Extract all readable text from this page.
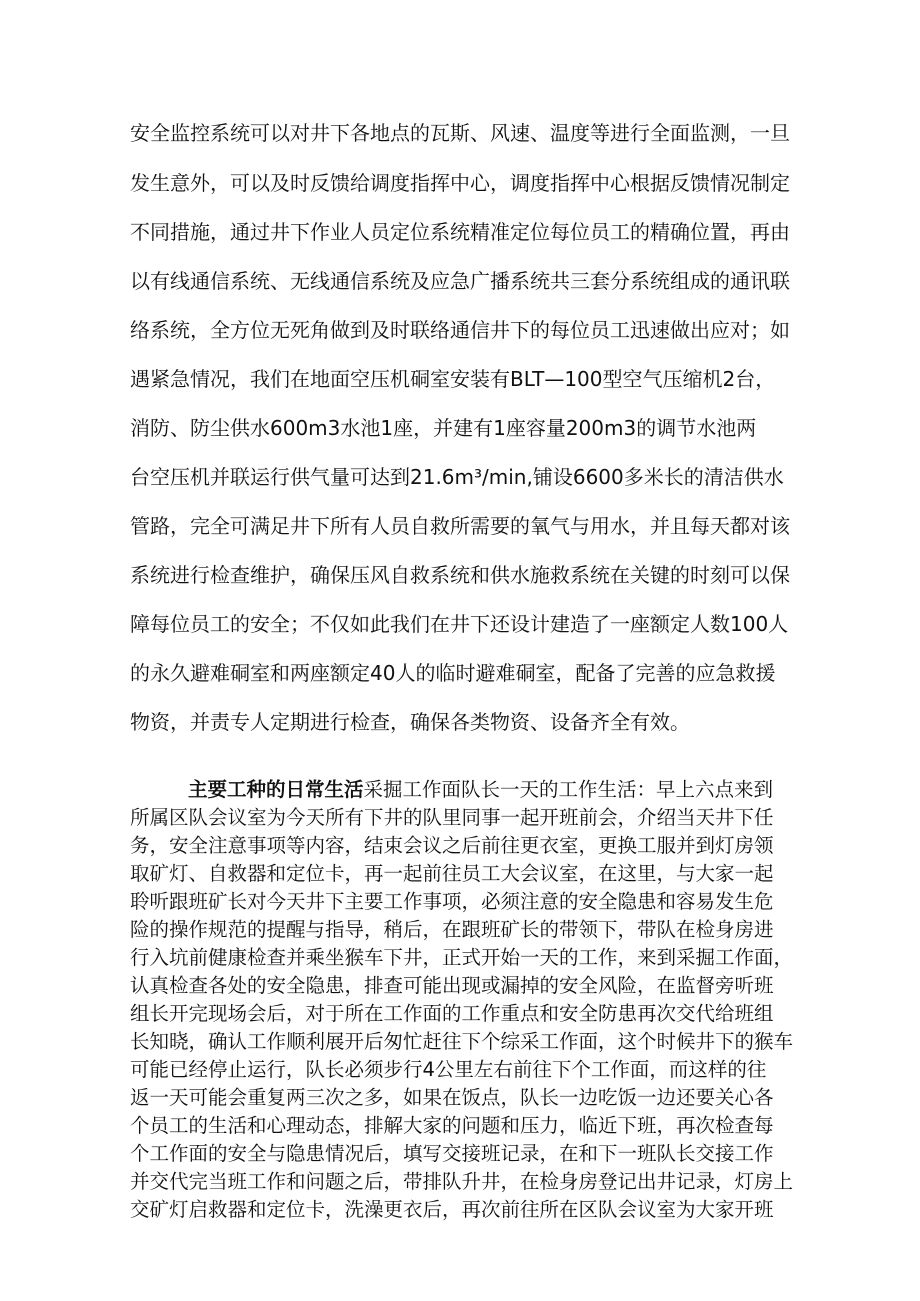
安全监控系统可以对井下各地点的瓦斯、风速、温度等进行全面监测，一旦
发生意外，可以及时反馈给调度指挥中心，调度指挥中心根据反馈情况制定
不同措施，通过井下作业人员定位系统精准定位每位员工的精确位置，再由
以有线通信系统、无线通信系统及应急广播系统共三套分系统组成的通讯联
络系统，全方位无死角做到及时联络通信井下的每位员工迅速做出应对；如
遇紧急情况，我们在地面空压机硐室安装有BLT—100型空气压缩机2台，
消防、防尘供水600m3水池1座，并建有1座容量200m3的调节水池两
台空压机并联运行供气量可达到21.6m³/min,铺设6600多米长的清洁供水
管路，完全可满足井下所有人员自救所需要的氧气与用水，并且每天都对该
系统进行检查维护，确保压风自救系统和供水施救系统在关键的时刻可以保
障每位员工的安全；不仅如此我们在井下还设计建造了一座额定人数100人
的永久避难硐室和两座额定40人的临时避难硐室，配备了完善的应急救援
物资，并责专人定期进行检查，确保各类物资、设备齐全有效。
主要工种的日常生活采掘工作面队长一天的工作生活：早上六点来到
所属区队会议室为今天所有下井的队里同事一起开班前会，介绍当天井下任
务，安全注意事项等内容，结束会议之后前往更衣室，更换工服并到灯房领
取矿灯、自救器和定位卡，再一起前往员工大会议室，在这里，与大家一起
聆听跟班矿长对今天井下主要工作事项，必须注意的安全隐患和容易发生危
险的操作规范的提醒与指导，稍后，在跟班矿长的带领下，带队在检身房进
行入坑前健康检查并乘坐猴车下井，正式开始一天的工作，来到采掘工作面，
认真检查各处的安全隐患，排查可能出现或漏掉的安全风险，在监督旁听班
组长开完现场会后，对于所在工作面的工作重点和安全防患再次交代给班组
长知晓，确认工作顺利展开后匆忙赶往下个综采工作面，这个时候井下的猴车
可能已经停止运行，队长必须步行4公里左右前往下个工作面，而这样的往
返一天可能会重复两三次之多，如果在饭点，队长一边吃饭一边还要关心各
个员工的生活和心理动态，排解大家的问题和压力，临近下班，再次检查每
个工作面的安全与隐患情况后，填写交接班记录，在和下一班队长交接工作
并交代完当班工作和问题之后，带排队升井，在检身房登记出井记录，灯房上
交矿灯启救器和定位卡，洗澡更衣后，再次前往所在区队会议室为大家开班
